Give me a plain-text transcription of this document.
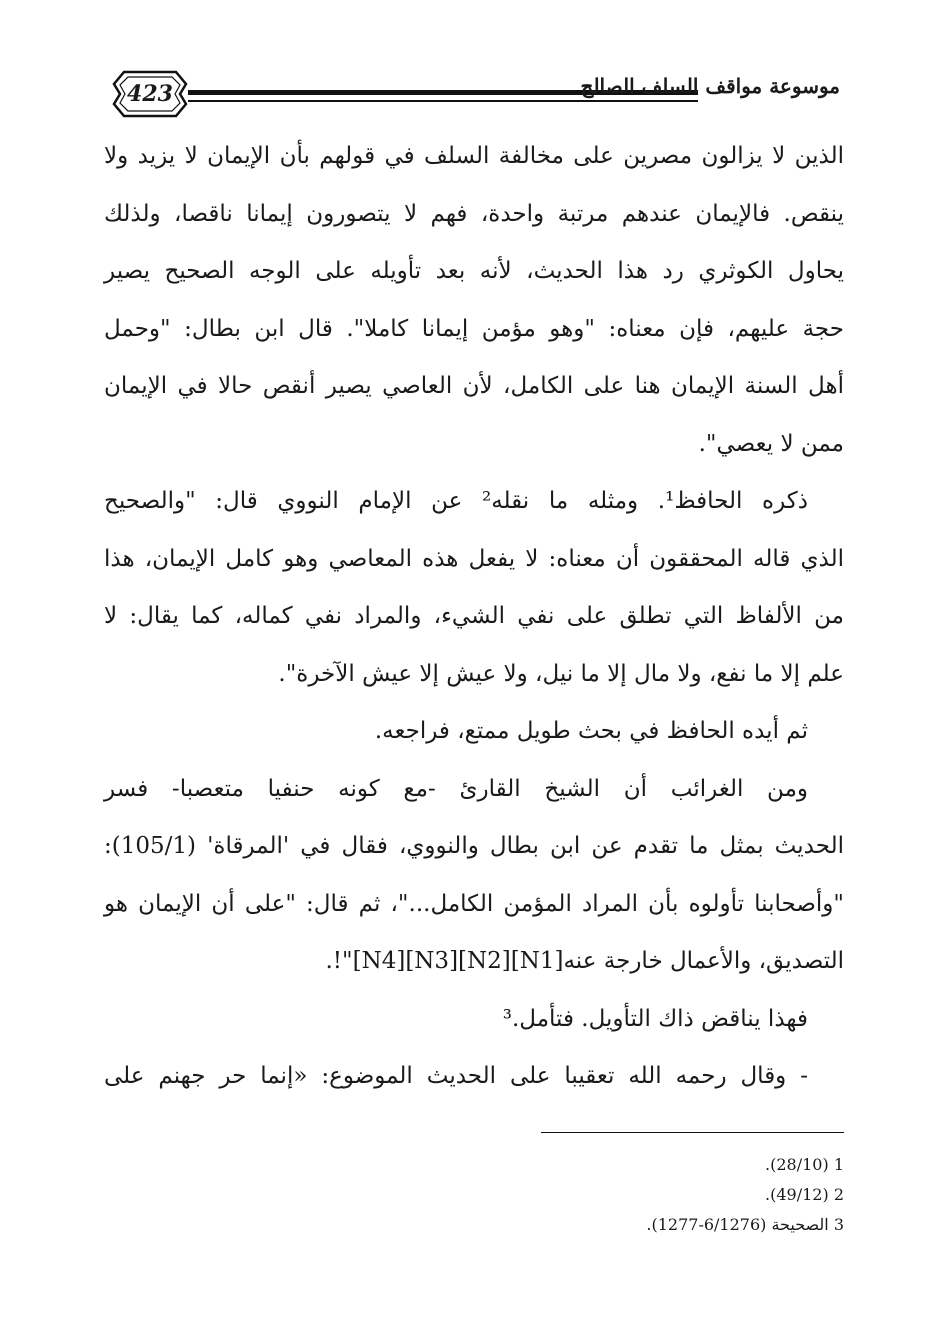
423	موسوعة مواقف السلف الصالح
الذين لا يزالون مصرين على مخالفة السلف في قولهم بأن الإيمان لا يزيد ولا
ينقص. فالإيمان عندهم مرتبة واحدة، فهم لا يتصورون إيمانا ناقصا، ولذلك
يحاول الكوثري رد هذا الحديث، لأنه بعد تأويله على الوجه الصحيح يصير
حجة عليهم، فإن معناه: "وهو مؤمن إيمانا كاملا". قال ابن بطال: "وحمل
أهل السنة الإيمان هنا على الكامل، لأن العاصي يصير أنقص حالا في الإيمان
ممن لا يعصي".
ذكره الحافظ¹. ومثله ما نقله² عن الإمام النووي قال: "والصحيح
الذي قاله المحققون أن معناه: لا يفعل هذه المعاصي وهو كامل الإيمان، هذا
من الألفاظ التي تطلق على نفي الشيء، والمراد نفي كماله، كما يقال: لا
علم إلا ما نفع، ولا مال إلا ما نيل، ولا عيش إلا عيش الآخرة".
ثم أيده الحافظ في بحث طويل ممتع، فراجعه.
ومن الغرائب أن الشيخ القارئ -مع كونه حنفيا متعصبا- فسر
الحديث بمثل ما تقدم عن ابن بطال والنووي، فقال في 'المرقاة' (105/1):
"وأصحابنا تأولوه بأن المراد المؤمن الكامل..."، ثم قال: "على أن الإيمان هو
التصديق، والأعمال خارجة عنه[N1][N2][N3][N4]"!.
فهذا يناقض ذاك التأويل. فتأمل.³
- وقال رحمه الله تعقيبا على الحديث الموضوع: «إنما حر جهنم على
1 (28/10).
2 (49/12).
3 الصحيحة (6/1276-1277).
